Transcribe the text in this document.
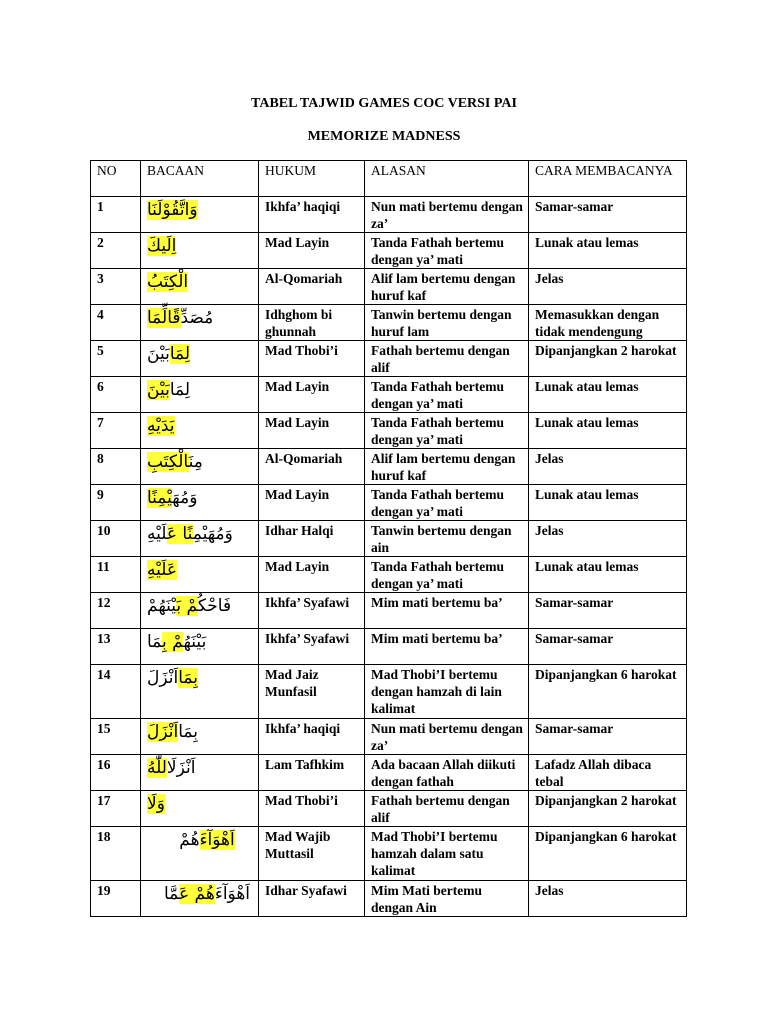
TABEL TAJWID GAMES COC VERSI PAI
MEMORIZE MADNESS
NO	BACAAN	HUKUM	ALASAN	CARA MEMBACANYA
1	وَاتَّقُوْلَنَا	Ikhfa’ haqiqi	Nun mati bertemu dengan za’	Samar-samar
2	اِلَيكَ	Mad Layin	Tanda Fathah bertemu dengan ya’ mati	Lunak atau lemas
3	الْكِتَبُ	Al-Qomariah	Alif lam bertemu dengan huruf kaf	Jelas
4	مُصَدِّقًالِّمَا	Idhghom bi ghunnah	Tanwin bertemu dengan huruf lam	Memasukkan dengan tidak mendengung
5	لِمَابَيْنَ	Mad Thobi’i	Fathah bertemu dengan alif	Dipanjangkan 2 harokat
6	لِمَابَيْنَ	Mad Layin	Tanda Fathah bertemu dengan ya’ mati	Lunak atau lemas
7	يَدَيْهِ	Mad Layin	Tanda Fathah bertemu dengan ya’ mati	Lunak atau lemas
8	مِنَالْكِتَبِ	Al-Qomariah	Alif lam bertemu dengan huruf kaf	Jelas
9	وَمُهَيْمِنًا	Mad Layin	Tanda Fathah bertemu dengan ya’ mati	Lunak atau lemas
10	وَمُهَيْمِنًا عَلَيْهِ	Idhar Halqi	Tanwin bertemu dengan ain	Jelas
11	عَلَيْهِ	Mad Layin	Tanda Fathah bertemu dengan ya’ mati	Lunak atau lemas
12	فَاحْكُمْ بَيْنَهُمْ	Ikhfa’ Syafawi	Mim mati bertemu ba’	Samar-samar
13	بَيْنَهُمْ بِمَا	Ikhfa’ Syafawi	Mim mati bertemu ba’	Samar-samar
14	بِمَااَنْزَلَ	Mad Jaiz Munfasil	Mad Thobi’I bertemu dengan hamzah di lain kalimat	Dipanjangkan 6 harokat
15	بِمَااَنْزَلَ	Ikhfa’ haqiqi	Nun mati bertemu dengan za’	Samar-samar
16	اَنْزَلَاللّٰهُ	Lam Tafhkim	Ada bacaan Allah diikuti dengan fathah	Lafadz Allah dibaca tebal
17	وَلَا	Mad Thobi’i	Fathah bertemu dengan alif	Dipanjangkan 2 harokat
18	اَهْوَآءَهُمْ	Mad Wajib Muttasil	Mad Thobi’I bertemu hamzah dalam satu kalimat	Dipanjangkan 6 harokat
19	اَهْوَآءَهُمْ عَمَّا	Idhar Syafawi	Mim Mati bertemu dengan Ain	Jelas
